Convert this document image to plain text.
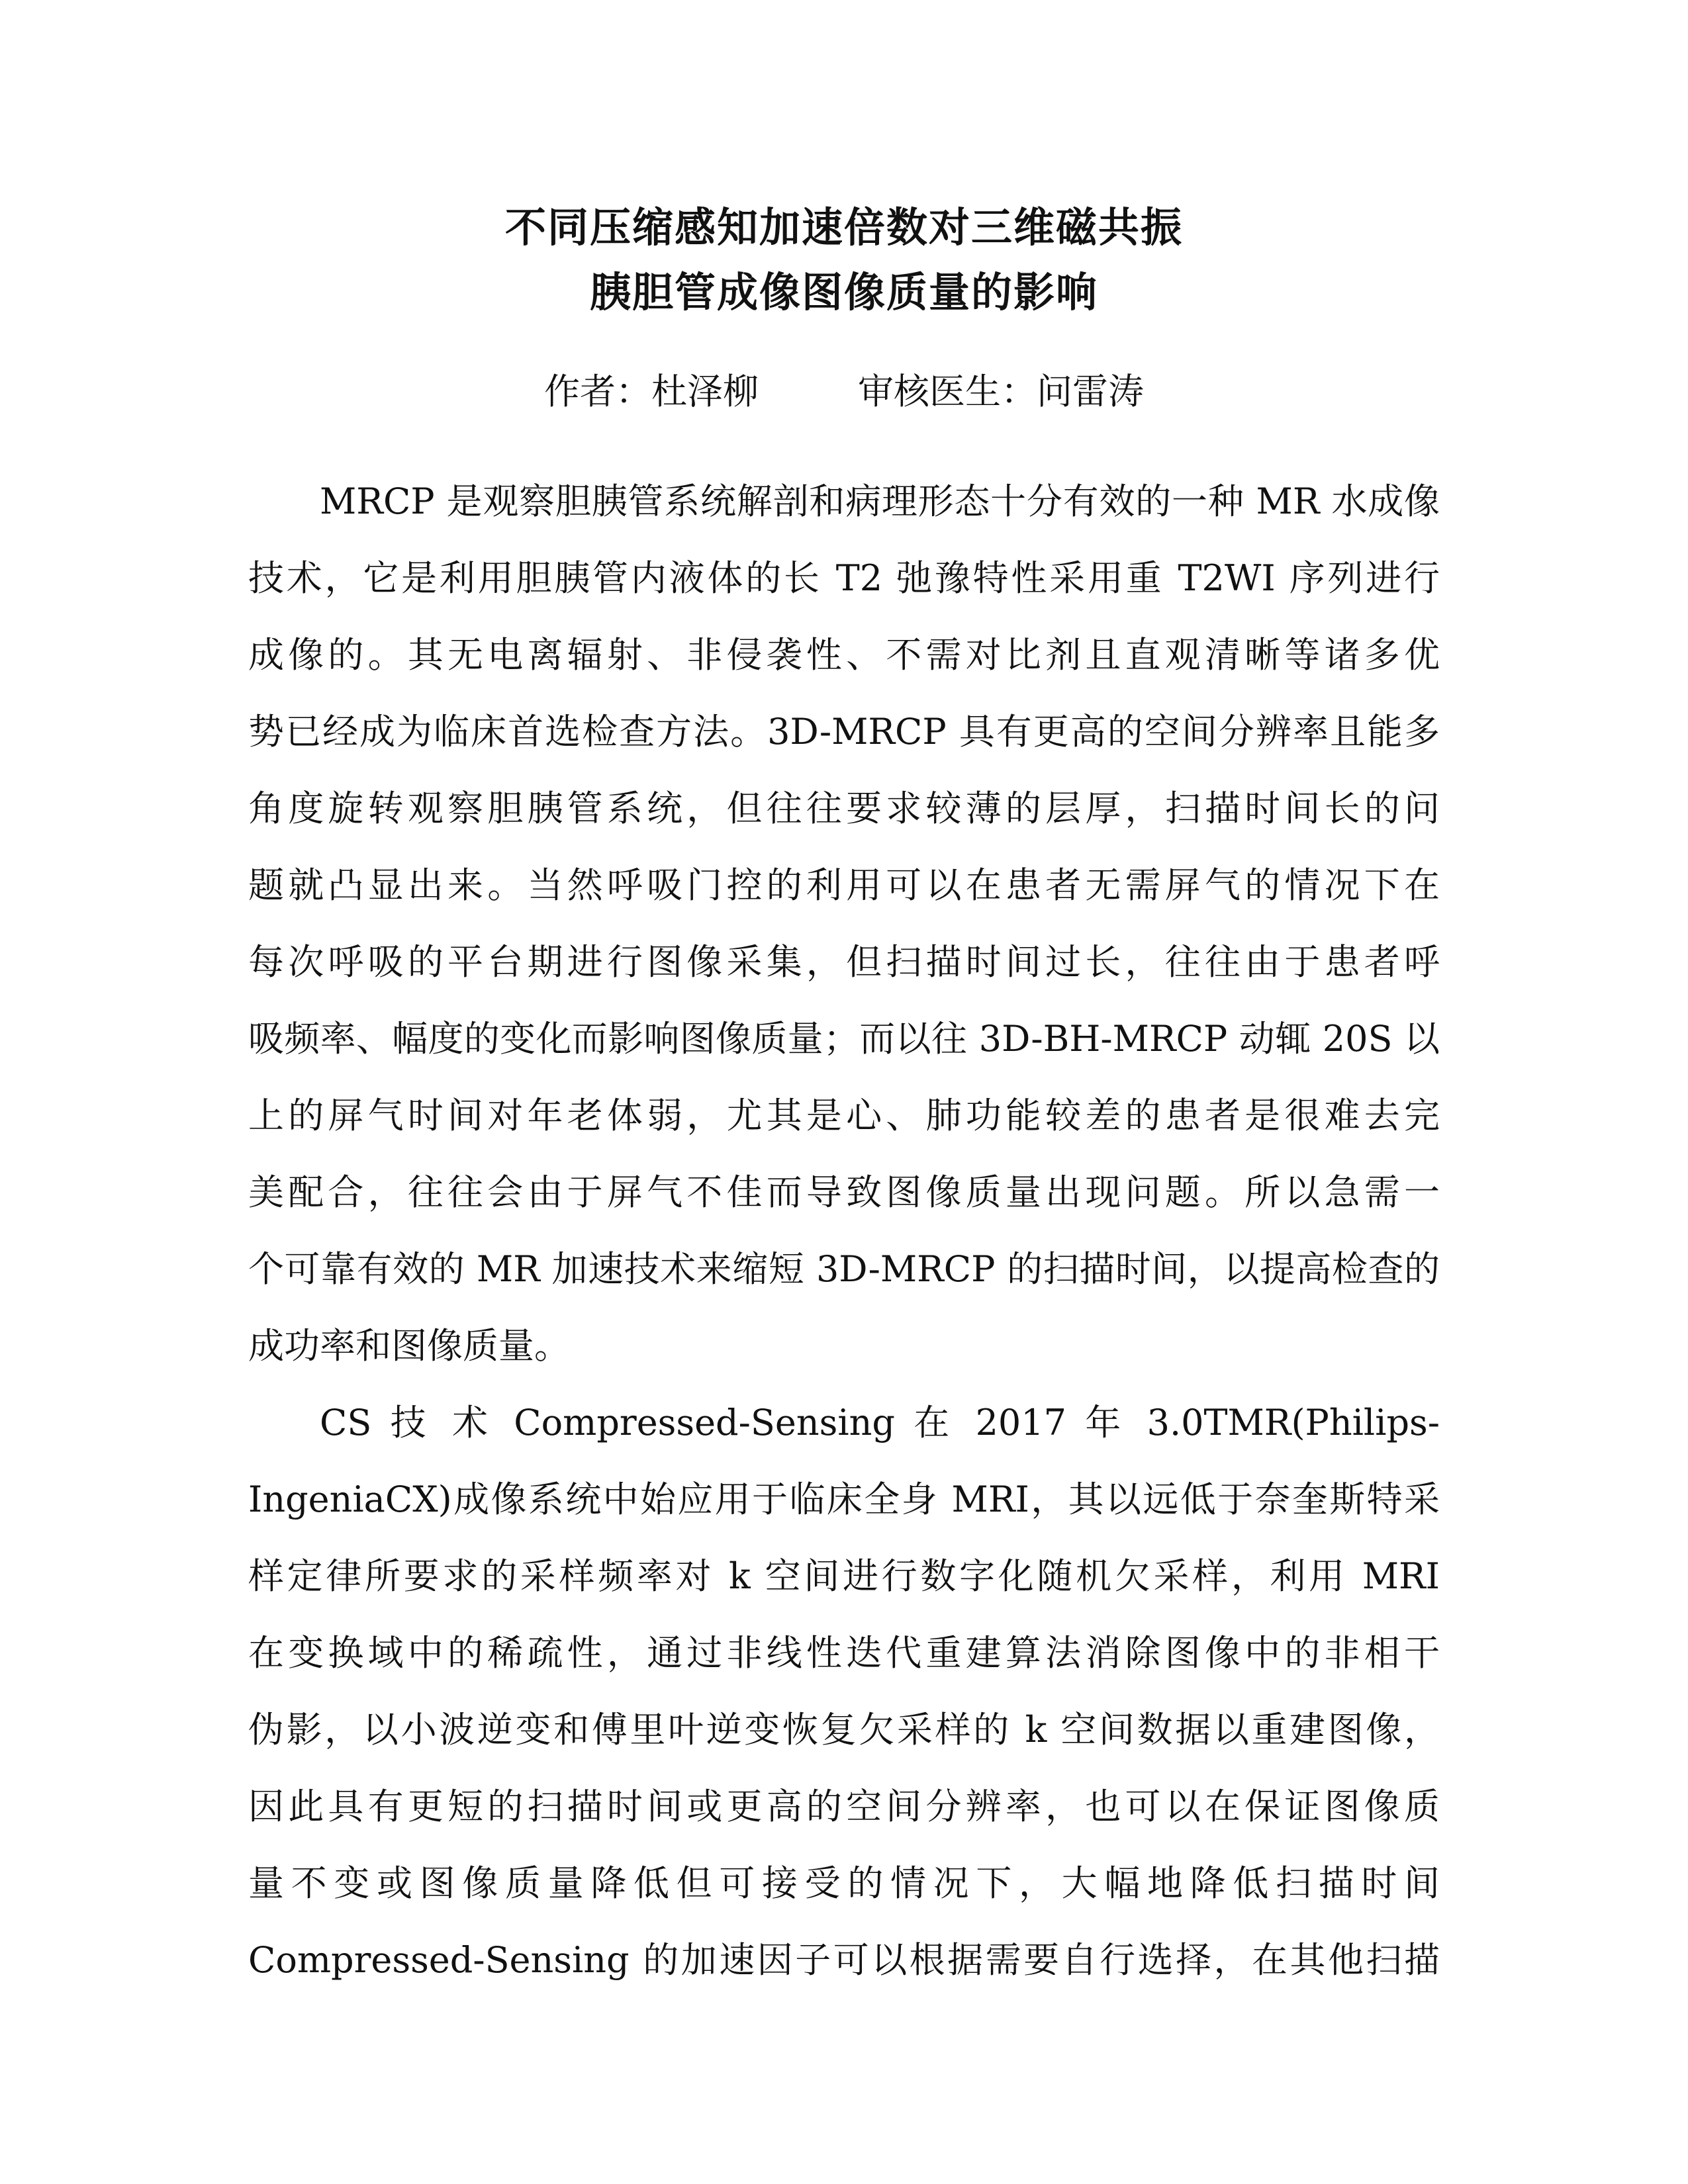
不同压缩感知加速倍数对三维磁共振
胰胆管成像图像质量的影响
作者：杜泽柳	审核医生：问雷涛
MRCP 是观察胆胰管系统解剖和病理形态十分有效的一种 MR 水成像
技术，它是利用胆胰管内液体的长 T2 弛豫特性采用重 T2WI 序列进行
成像的。其无电离辐射、非侵袭性、不需对比剂且直观清晰等诸多优
势已经成为临床首选检查方法。3D-MRCP 具有更高的空间分辨率且能多
角度旋转观察胆胰管系统，但往往要求较薄的层厚，扫描时间长的问
题就凸显出来。当然呼吸门控的利用可以在患者无需屏气的情况下在
每次呼吸的平台期进行图像采集，但扫描时间过长，往往由于患者呼
吸频率、幅度的变化而影响图像质量；而以往 3D-BH-MRCP 动辄 20S 以
上的屏气时间对年老体弱，尤其是心、肺功能较差的患者是很难去完
美配合，往往会由于屏气不佳而导致图像质量出现问题。所以急需一
个可靠有效的 MR 加速技术来缩短 3D-MRCP 的扫描时间，以提高检查的
成功率和图像质量。
CS 技 术 Compressed-Sensing 在 2017 年 3.0TMR(Philips-
IngeniaCX)成像系统中始应用于临床全身 MRI，其以远低于奈奎斯特采
样定律所要求的采样频率对 k 空间进行数字化随机欠采样，利用 MRI
在变换域中的稀疏性，通过非线性迭代重建算法消除图像中的非相干
伪影，以小波逆变和傅里叶逆变恢复欠采样的 k 空间数据以重建图像，
因此具有更短的扫描时间或更高的空间分辨率，也可以在保证图像质
量不变或图像质量降低但可接受的情况下，大幅地降低扫描时间
Compressed-Sensing 的加速因子可以根据需要自行选择，在其他扫描
